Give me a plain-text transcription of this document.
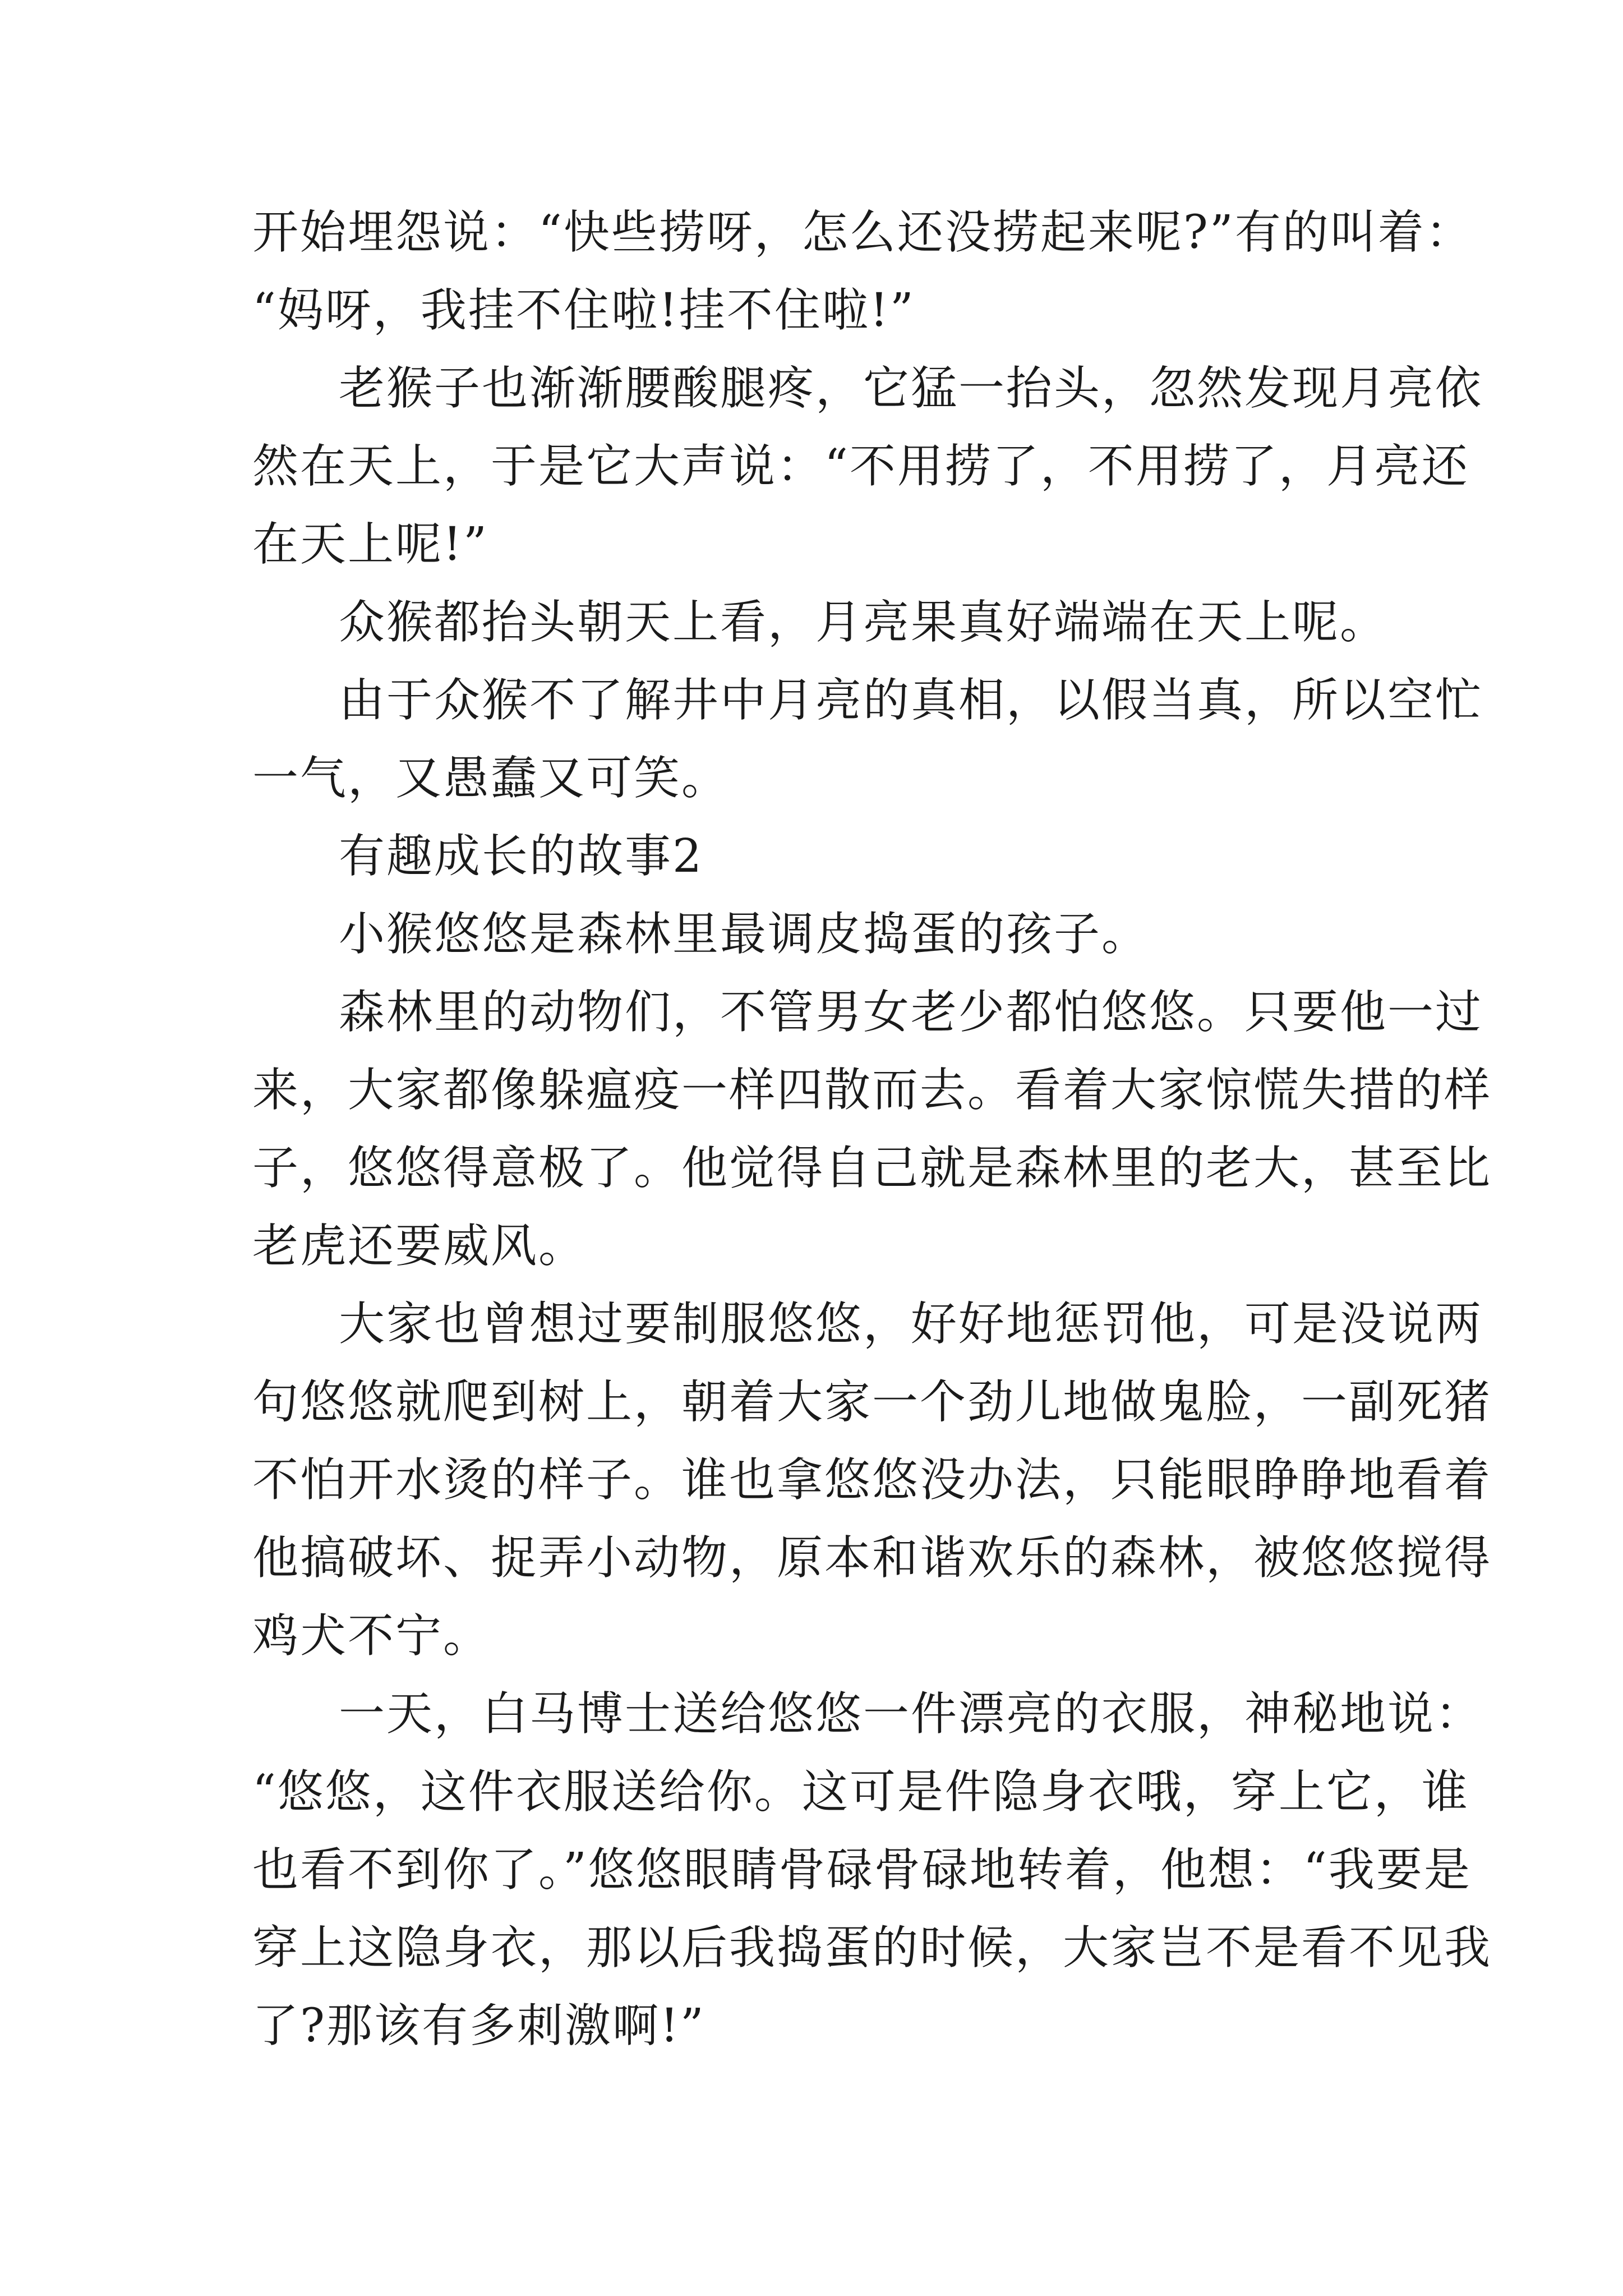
开始埋怨说：“快些捞呀，怎么还没捞起来呢?”有的叫着：
“妈呀，我挂不住啦!挂不住啦!”
老猴子也渐渐腰酸腿疼，它猛一抬头，忽然发现月亮依
然在天上，于是它大声说：“不用捞了，不用捞了，月亮还
在天上呢!”
众猴都抬头朝天上看，月亮果真好端端在天上呢。
由于众猴不了解井中月亮的真相，以假当真，所以空忙
一气，又愚蠢又可笑。
有趣成长的故事2
小猴悠悠是森林里最调皮捣蛋的孩子。
森林里的动物们，不管男女老少都怕悠悠。只要他一过
来，大家都像躲瘟疫一样四散而去。看着大家惊慌失措的样
子，悠悠得意极了。他觉得自己就是森林里的老大，甚至比
老虎还要威风。
大家也曾想过要制服悠悠，好好地惩罚他，可是没说两
句悠悠就爬到树上，朝着大家一个劲儿地做鬼脸，一副死猪
不怕开水烫的样子。谁也拿悠悠没办法，只能眼睁睁地看着
他搞破坏、捉弄小动物，原本和谐欢乐的森林，被悠悠搅得
鸡犬不宁。
一天，白马博士送给悠悠一件漂亮的衣服，神秘地说：
“悠悠，这件衣服送给你。这可是件隐身衣哦，穿上它，谁
也看不到你了。”悠悠眼睛骨碌骨碌地转着，他想：“我要是
穿上这隐身衣，那以后我捣蛋的时候，大家岂不是看不见我
了?那该有多刺激啊!”
